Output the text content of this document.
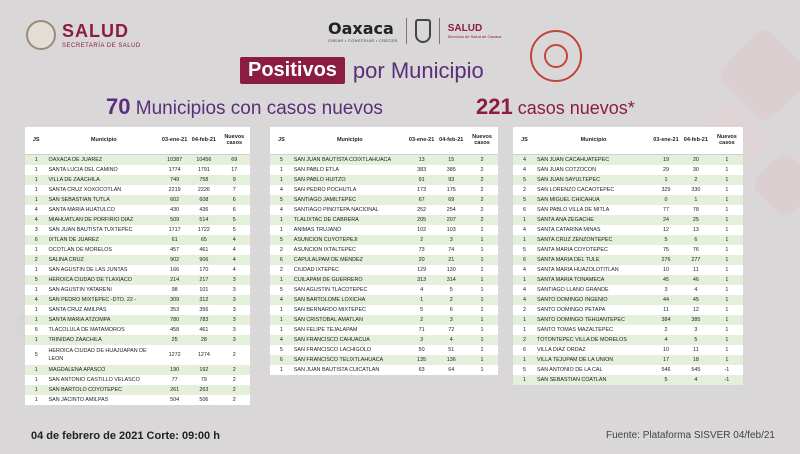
SALUD
SECRETARÍA DE SALUD
Oaxaca
CREAR • CONSTRUIR • CRECER
SALUD
Servicios de Salud de Oaxaca
Positivos por Municipio
70 Municipios con casos nuevos	221 casos nuevos*
JS	Municipio	03-ene-21	04-feb-21	Nuevos casos
1	OAXACA DE JUAREZ	10387	10456	69
1	SANTA LUCIA DEL CAMINO	1774	1791	17
1	VILLA DE ZAACHILA	749	758	9
1	SANTA CRUZ XOXOCOTLAN	2219	2226	7
1	SAN SEBASTIAN TUTLA	602	608	6
4	SANTA MARIA HUATULCO	430	436	6
4	MIAHUATLAN DE PORFIRIO DIAZ	509	514	5
3	SAN JUAN BAUTISTA TUXTEPEC	1717	1722	5
6	IXTLAN DE JUAREZ	61	65	4
1	OCOTLAN DE MORELOS	457	461	4
2	SALINA CRUZ	902	906	4
1	SAN AGUSTIN DE LAS JUNTAS	166	170	4
5	HEROICA CIUDAD DE TLAXIACO	214	217	3
1	SAN AGUSTIN YATARENI	98	101	3
4	SAN PEDRO MIXTEPEC -DTO. 22 -	309	312	3
1	SANTA CRUZ AMILPAS	353	356	3
1	SANTA MARIA ATZOMPA	780	783	3
6	TLACOLULA DE MATAMOROS	458	461	3
1	TRINIDAD ZAACHILA	25	28	3
5	HEROICA CIUDAD DE HUAJUAPAN DE LEON	1272	1274	2
1	MAGDALENA APASCO	190	192	2
1	SAN ANTONIO CASTILLO VELASCO	77	79	2
1	SAN BARTOLO COYOTEPEC	261	263	2
1	SAN JACINTO AMILPAS	504	506	2
JS	Municipio	03-ene-21	04-feb-21	Nuevos casos
5	SAN JUAN BAUTISTA COIXTLAHUACA	13	15	2
1	SAN PABLO ETLA	383	385	2
1	SAN PABLO HUITZO	91	93	2
4	SAN PEDRO POCHUTLA	173	175	2
5	SANTIAGO JAMILTEPEC	67	69	2
4	SANTIAGO PINOTEPA NACIONAL	252	254	2
1	TLALIXTAC DE CABRERA	205	207	2
1	ANIMAS TRUJANO	102	103	1
5	ASUNCION CUYOTEPEJI	2	3	1
2	ASUNCION IXTALTEPEC	73	74	1
6	CAPULALPAM DE MENDEZ	20	21	1
2	CIUDAD IXTEPEC	129	130	1
1	CUILAPAM DE GUERRERO	313	314	1
5	SAN AGUSTIN TLACOTEPEC	4	5	1
4	SAN BARTOLOME LOXICHA	1	2	1
1	SAN BERNARDO MIXTEPEC	5	6	1
1	SAN CRISTOBAL AMATLAN	2	3	1
1	SAN FELIPE TEJALAPAM	71	72	1
4	SAN FRANCISCO CAHUACUA	3	4	1
5	SAN FRANCISCO LACHIGOLO	50	51	1
6	SAN FRANCISCO TELIXTLAHUACA	135	136	1
1	SAN JUAN BAUTISTA CUICATLAN	63	64	1
JS	Municipio	03-ene-21	04-feb-21	Nuevos casos
4	SAN JUAN CACAHUATEPEC	19	20	1
4	SAN JUAN COTZOCON	29	30	1
5	SAN JUAN SAYULTEPEC	1	2	1
2	SAN LORENZO CACAOTEPEC	329	330	1
5	SAN MIGUEL CHICAHUA	0	1	1
6	SAN PABLO VILLA DE MITLA	77	78	1
1	SANTA ANA ZEGACHE	24	25	1
4	SANTA CATARINA MINAS	12	13	1
1	SANTA CRUZ ZENZONTEPEC	5	6	1
5	SANTA MARIA COYOTEPEC	75	76	1
6	SANTA MARIA DEL TULE	276	277	1
4	SANTA MARIA HUAZOLOTITLAN	10	11	1
1	SANTA MARIA TONAMECA	45	46	1
4	SANTIAGO LLANO GRANDE	3	4	1
4	SANTO DOMINGO INGENIO	44	45	1
2	SANTO DOMINGO PETAPA	11	12	1
1	SANTO DOMINGO TEHUANTEPEC	384	385	1
1	SANTO TOMAS MAZALTEPEC	2	3	1
2	TOTONTEPEC VILLA DE MORELOS	4	5	1
6	VILLA DIAZ ORDAZ	10	11	1
1	VILLA TEJUPAM DE LA UNION	17	18	1
5	SAN ANTONIO DE LA CAL	546	545	-1
1	SAN SEBASTIAN COATLAN	5	4	-1
04 de febrero de 2021 Corte: 09:00 h	Fuente: Plataforma SISVER 04/feb/21
